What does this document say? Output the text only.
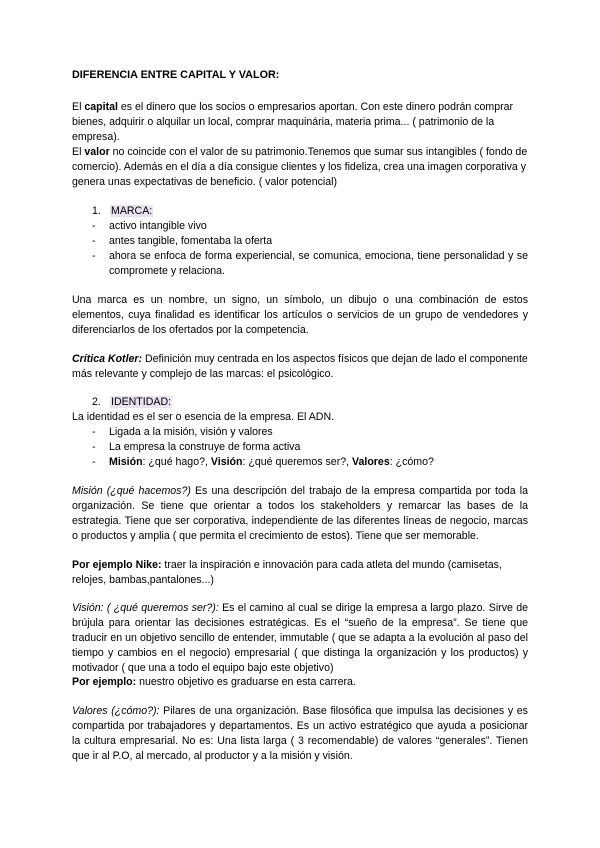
DIFERENCIA ENTRE CAPITAL Y VALOR:

El capital es el dinero que los socios o empresarios aportan. Con este dinero podrán comprar bienes, adquirir o alquilar un local, comprar maquinária, materia prima... ( patrimonio de la empresa).

El valor no coincide con el valor de su patrimonio.Tenemos que sumar sus intangibles ( fondo de comercio). Además en el día a día consigue clientes y los fideliza, crea una imagen corporativa y genera unas expectativas de beneficio. ( valor potencial)

1. MARCA:
- activo intangible vivo
- antes tangible, fomentaba la oferta
- ahora se enfoca de forma experiencial, se comunica, emociona, tiene personalidad y se compromete y relaciona.

Una marca es un nombre, un signo, un símbolo, un dibujo o una combinación de estos elementos, cuya finalidad es identificar los artículos o servicios de un grupo de vendedores y diferenciarlos de los ofertados por la competencia.

Crítica Kotler: Definición muy centrada en los aspectos físicos que dejan de lado el componente más relevante y complejo de las marcas: el psicológico.

2. IDENTIDAD:

La identidad es el ser o esencia de la empresa. El ADN.

- Ligada a la misión, visión y valores
- La empresa la construye de forma activa
- Misión: ¿qué hago?, Visión: ¿qué queremos ser?, Valores: ¿cómo?

Misión (¿qué hacemos?) Es una descripción del trabajo de la empresa compartida por toda la organización. Se tiene que orientar a todos los stakeholders y remarcar las bases de la estrategia. Tiene que ser corporativa, independiente de las diferentes líneas de negocio, marcas o productos y amplia ( que permita el crecimiento de estos). Tiene que ser memorable.

Por ejemplo Nike: traer la inspiración e innovación para cada atleta del mundo (camisetas, relojes, bambas,pantalones...)

Visión: ( ¿qué queremos ser?): Es el camino al cual se dirige la empresa a largo plazo. Sirve de brújula para orientar las decisiones estratégicas. Es el “sueño de la empresa”. Se tiene que traducir en un objetivo sencillo de entender, immutable ( que se adapta a la evolución al paso del tiempo y cambios en el negocio) empresarial ( que distinga la organización y los productos) y motivador ( que una a todo el equipo bajo este objetivo)

Por ejemplo: nuestro objetivo es graduarse en esta carrera.

Valores (¿cómo?): Pilares de una organización. Base filosófica que impulsa las decisiones y es compartida por trabajadores y departamentos. Es un activo estratégico que ayuda a posicionar la cultura empresarial. No es: Una lista larga ( 3 recomendable) de valores “generales”. Tienen que ir al P.O, al mercado, al productor y a la misión y visión.
